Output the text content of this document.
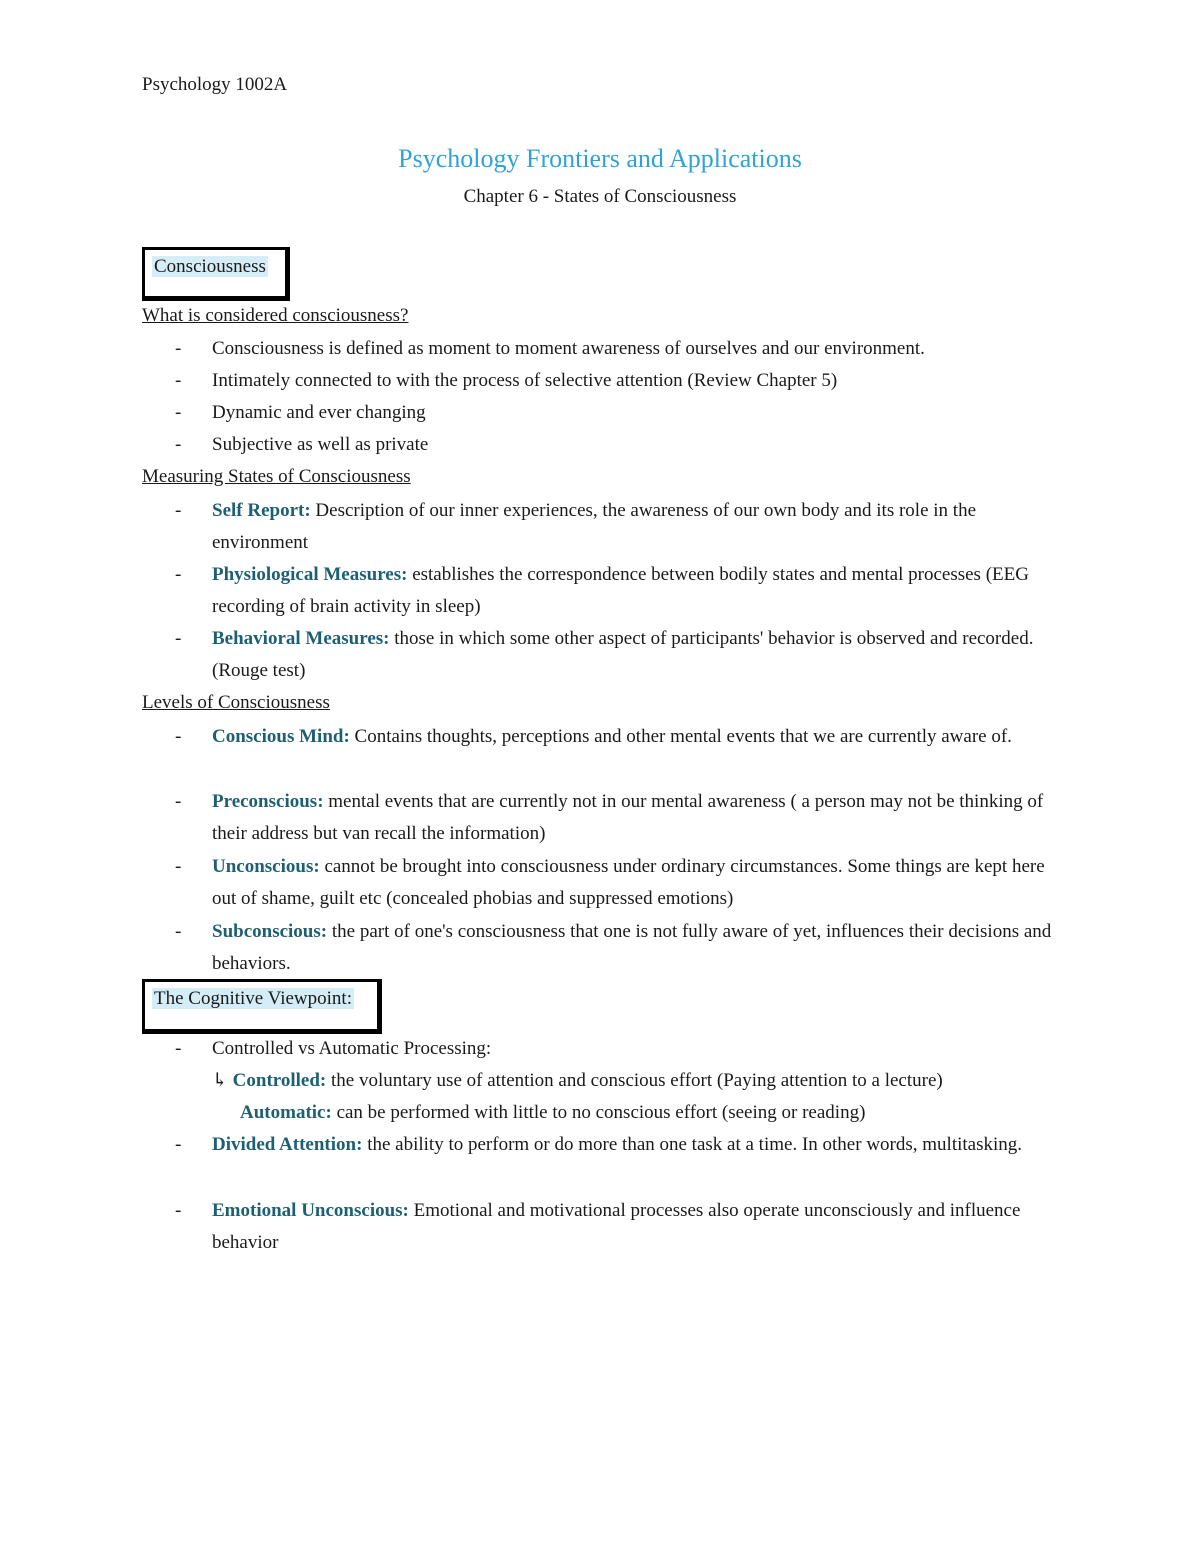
Psychology 1002A
Psychology Frontiers and Applications
Chapter 6 - States of Consciousness
Consciousness
What is considered consciousness?
- Consciousness is defined as moment to moment awareness of ourselves and our environment.
- Intimately connected to with the process of selective attention (Review Chapter 5)
- Dynamic and ever changing
- Subjective as well as private
Measuring States of Consciousness
- Self Report: Description of our inner experiences, the awareness of our own body and its role in the environment
- Physiological Measures: establishes the correspondence between bodily states and mental processes (EEG recording of brain activity in sleep)
- Behavioral Measures: those in which some other aspect of participants' behavior is observed and recorded. (Rouge test)
Levels of Consciousness
- Conscious Mind: Contains thoughts, perceptions and other mental events that we are currently aware of.
- Preconscious: mental events that are currently not in our mental awareness ( a person may not be thinking of their address but van recall the information)
- Unconscious: cannot be brought into consciousness under ordinary circumstances. Some things are kept here out of shame, guilt etc (concealed phobias and suppressed emotions)
- Subconscious: the part of one's consciousness that one is not fully aware of yet, influences their decisions and behaviors.
The Cognitive Viewpoint:
- Controlled vs Automatic Processing:
↳ Controlled: the voluntary use of attention and conscious effort (Paying attention to a lecture)
Automatic: can be performed with little to no conscious effort (seeing or reading)
- Divided Attention: the ability to perform or do more than one task at a time. In other words, multitasking.
- Emotional Unconscious: Emotional and motivational processes also operate unconsciously and influence behavior
